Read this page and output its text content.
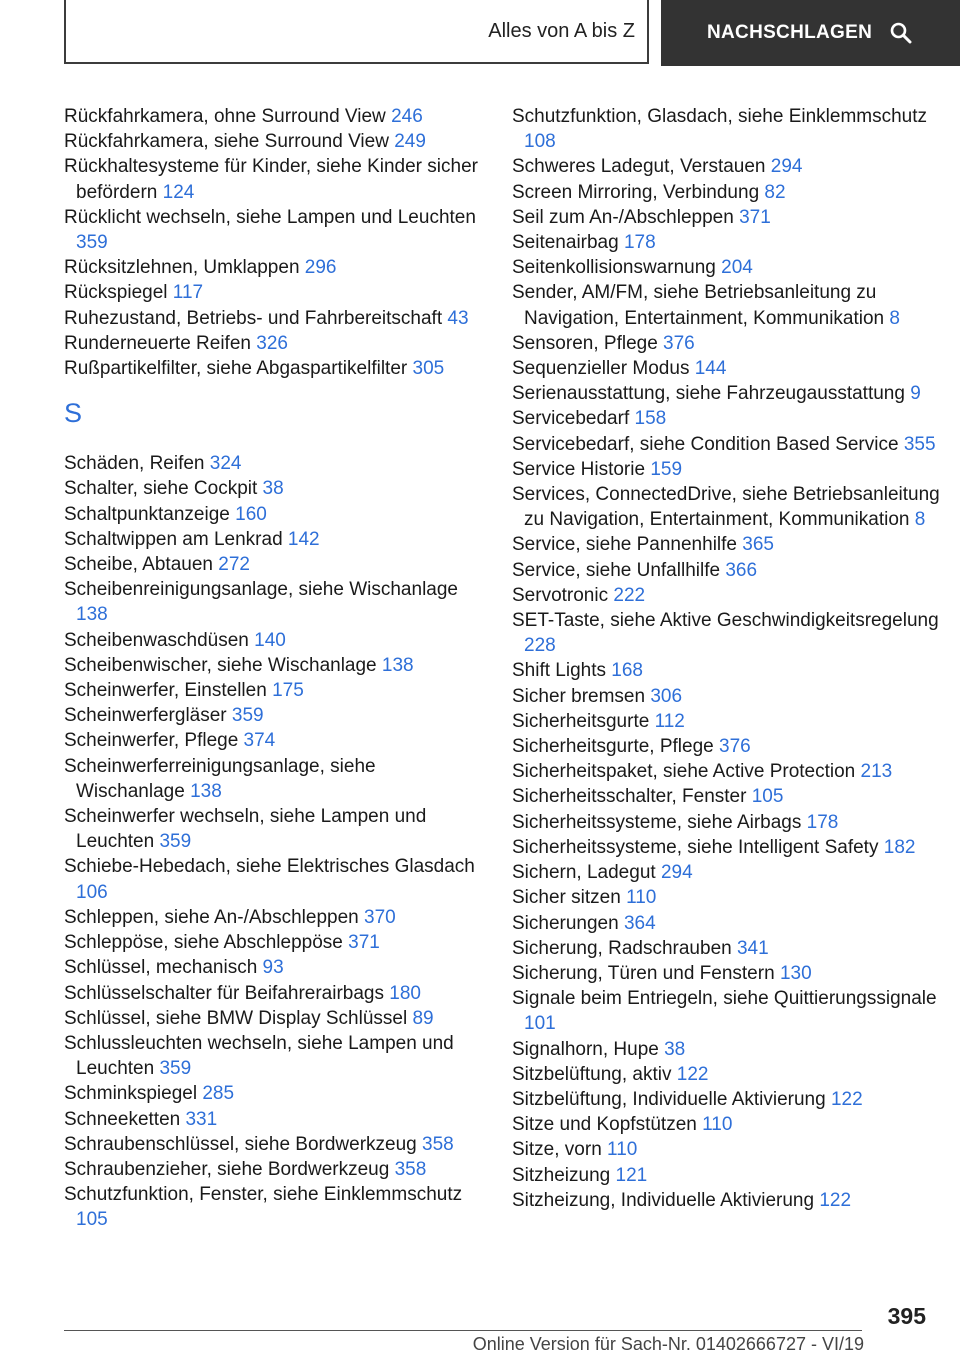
Alles von A bis Z	NACHSCHLAGEN
Rückfahrkamera, ohne Surround View 246
Rückfahrkamera, siehe Surround View 249
Rückhaltesysteme für Kinder, siehe Kinder sicher befördern 124
Rücklicht wechseln, siehe Lampen und Leuchten 359
Rücksitzlehnen, Umklappen 296
Rückspiegel 117
Ruhezustand, Betriebs- und Fahrbereitschaft 43
Runderneuerte Reifen 326
Rußpartikelfilter, siehe Abgaspartikelfilter 305
S
Schäden, Reifen 324
Schalter, siehe Cockpit 38
Schaltpunktanzeige 160
Schaltwippen am Lenkrad 142
Scheibe, Abtauen 272
Scheibenreinigungsanlage, siehe Wischanlage 138
Scheibenwaschdüsen 140
Scheibenwischer, siehe Wischanlage 138
Scheinwerfer, Einstellen 175
Scheinwerfergläser 359
Scheinwerfer, Pflege 374
Scheinwerferreinigungsanlage, siehe Wischanlage 138
Scheinwerfer wechseln, siehe Lampen und Leuchten 359
Schiebe-Hebedach, siehe Elektrisches Glasdach 106
Schleppen, siehe An-/Abschleppen 370
Schleppöse, siehe Abschleppöse 371
Schlüssel, mechanisch 93
Schlüsselschalter für Beifahrerairbags 180
Schlüssel, siehe BMW Display Schlüssel 89
Schlussleuchten wechseln, siehe Lampen und Leuchten 359
Schminkspiegel 285
Schneeketten 331
Schraubenschlüssel, siehe Bordwerkzeug 358
Schraubenzieher, siehe Bordwerkzeug 358
Schutzfunktion, Fenster, siehe Einklemmschutz 105
Schutzfunktion, Glasdach, siehe Einklemmschutz 108
Schweres Ladegut, Verstauen 294
Screen Mirroring, Verbindung 82
Seil zum An-/Abschleppen 371
Seitenairbag 178
Seitenkollisionswarnung 204
Sender, AM/FM, siehe Betriebsanleitung zu Navigation, Entertainment, Kommunikation 8
Sensoren, Pflege 376
Sequenzieller Modus 144
Serienausstattung, siehe Fahrzeugausstattung 9
Servicebedarf 158
Servicebedarf, siehe Condition Based Service 355
Service Historie 159
Services, ConnectedDrive, siehe Betriebsanleitung zu Navigation, Entertainment, Kommunikation 8
Service, siehe Pannenhilfe 365
Service, siehe Unfallhilfe 366
Servotronic 222
SET-Taste, siehe Aktive Geschwindigkeitsregelung 228
Shift Lights 168
Sicher bremsen 306
Sicherheitsgurte 112
Sicherheitsgurte, Pflege 376
Sicherheitspaket, siehe Active Protection 213
Sicherheitsschalter, Fenster 105
Sicherheitssysteme, siehe Airbags 178
Sicherheitssysteme, siehe Intelligent Safety 182
Sichern, Ladegut 294
Sicher sitzen 110
Sicherungen 364
Sicherung, Radschrauben 341
Sicherung, Türen und Fenstern 130
Signale beim Entriegeln, siehe Quittierungssignale 101
Signalhorn, Hupe 38
Sitzbelüftung, aktiv 122
Sitzbelüftung, Individuelle Aktivierung 122
Sitze und Kopfstützen 110
Sitze, vorn 110
Sitzheizung 121
Sitzheizung, Individuelle Aktivierung 122
395
Online Version für Sach-Nr. 01402666727 - VI/19
